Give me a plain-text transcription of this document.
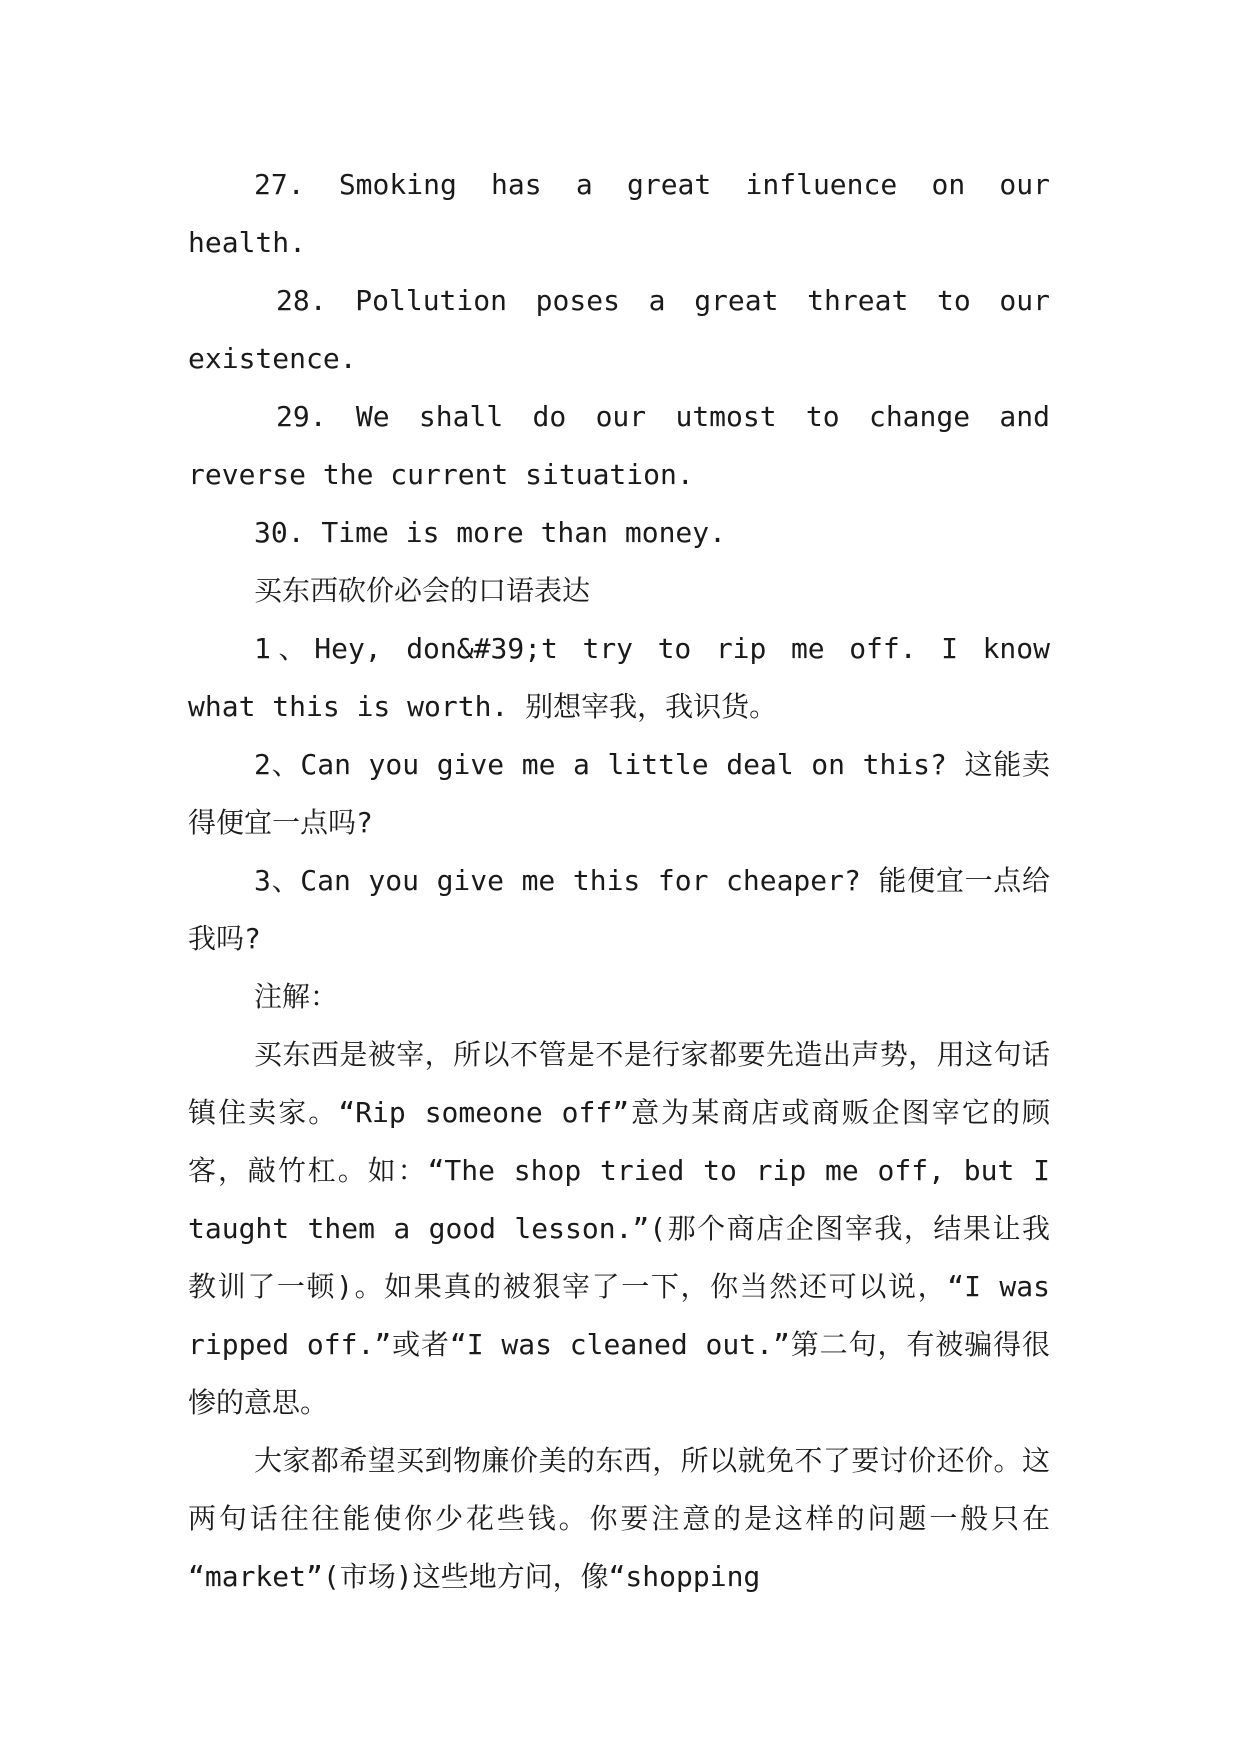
27. Smoking has a great influence on our health.

28. Pollution poses a great threat to our existence.

29. We shall do our utmost to change and reverse the current situation.

30. Time is more than money.

买东西砍价必会的口语表达

1、Hey, don&#39;t try to rip me off. I know what this is worth. 别想宰我，我识货。

2、Can you give me a little deal on this? 这能卖得便宜一点吗?

3、Can you give me this for cheaper? 能便宜一点给我吗?

注解：

买东西是被宰，所以不管是不是行家都要先造出声势，用这句话镇住卖家。“Rip someone off”意为某商店或商贩企图宰它的顾客，敲竹杠。如：“The shop tried to rip me off, but I taught them a good lesson.”(那个商店企图宰我，结果让我教训了一顿)。如果真的被狠宰了一下，你当然还可以说，“I was ripped off.”或者“I was cleaned out.”第二句，有被骗得很惨的意思。

大家都希望买到物廉价美的东西，所以就免不了要讨价还价。这两句话往往能使你少花些钱。你要注意的是这样的问题一般只在 “market”(市场)这些地方问，像“shopping
